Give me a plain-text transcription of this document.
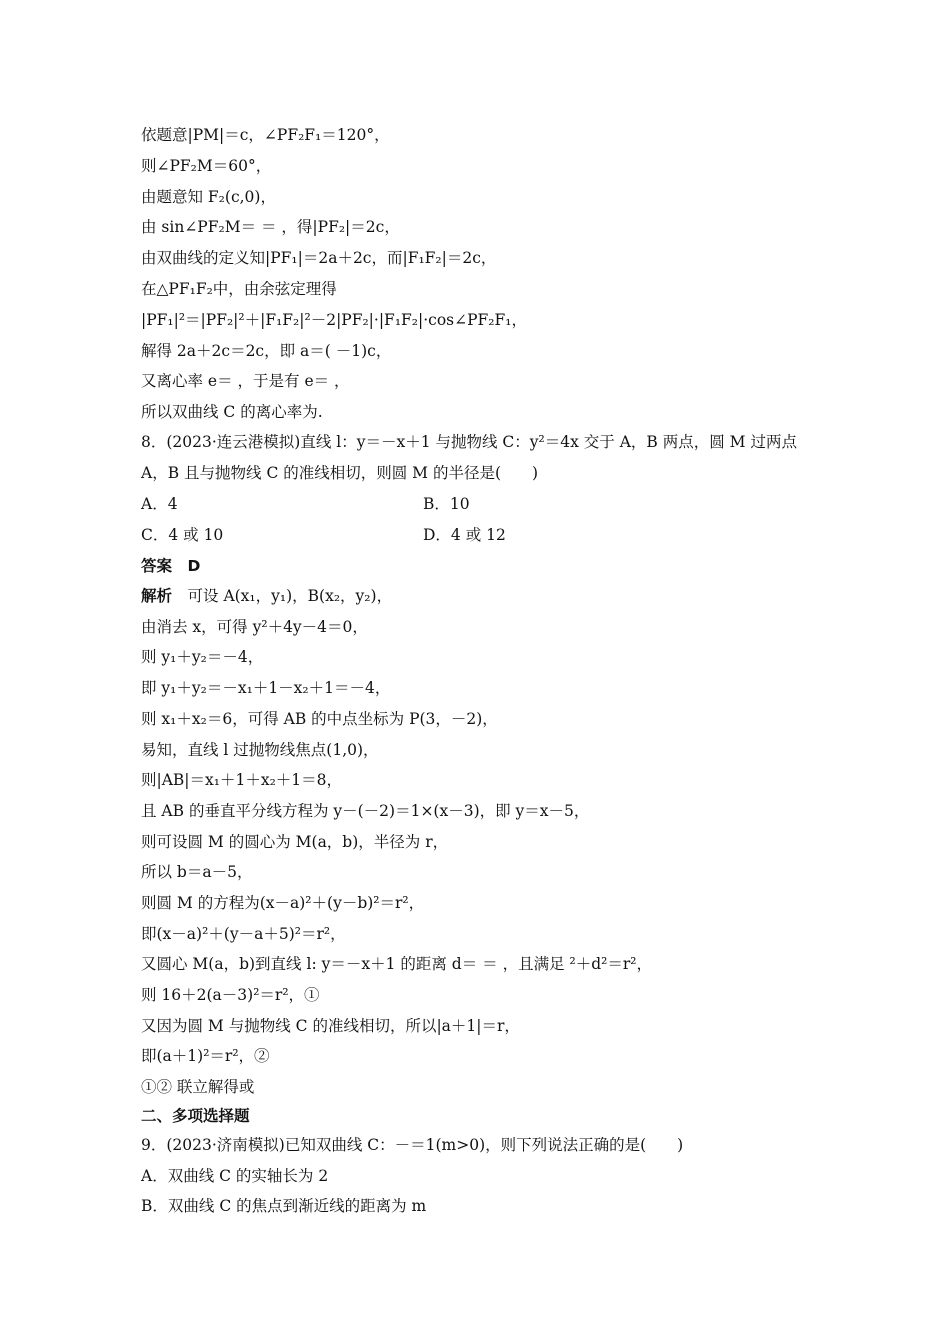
依题意|PM|＝c，∠PF₂F₁＝120°，
则∠PF₂M＝60°，
由题意知 F₂(c,0)，
由 sin∠PF₂M＝ ＝ ，得|PF₂|＝2c，
由双曲线的定义知|PF₁|＝2a＋2c，而|F₁F₂|＝2c，
在△PF₁F₂中，由余弦定理得
|PF₁|²＝|PF₂|²＋|F₁F₂|²－2|PF₂|·|F₁F₂|·cos∠PF₂F₁，
解得 2a＋2c＝2c，即 a＝( －1)c，
又离心率 e＝ ，于是有 e＝ ，
所以双曲线 C 的离心率为.
8．(2023·连云港模拟)直线 l：y＝－x＋1 与抛物线 C：y²＝4x 交于 A，B 两点，圆 M 过两点
A，B 且与抛物线 C 的准线相切，则圆 M 的半径是(　　)
A．4	B．10
C．4 或 10	D．4 或 12
答案　D
解析　可设 A(x₁，y₁)，B(x₂，y₂)，
由消去 x，可得 y²＋4y－4＝0，
则 y₁＋y₂＝－4，
即 y₁＋y₂＝－x₁＋1－x₂＋1＝－4，
则 x₁＋x₂＝6，可得 AB 的中点坐标为 P(3，－2)，
易知，直线 l 过抛物线焦点(1,0)，
则|AB|＝x₁＋1＋x₂＋1＝8，
且 AB 的垂直平分线方程为 y－(－2)＝1×(x－3)，即 y＝x－5，
则可设圆 M 的圆心为 M(a，b)，半径为 r，
所以 b＝a－5，
则圆 M 的方程为(x－a)²＋(y－b)²＝r²，
即(x－a)²＋(y－a＋5)²＝r²，
又圆心 M(a，b)到直线 l: y＝－x＋1 的距离 d＝ ＝ ，且满足 ²＋d²＝r²，
则 16＋2(a－3)²＝r²，①
又因为圆 M 与抛物线 C 的准线相切，所以|a＋1|＝r，
即(a＋1)²＝r²，②
①② 联立解得或
二、多项选择题
9．(2023·济南模拟)已知双曲线 C：－＝1(m>0)，则下列说法正确的是(　　)
A．双曲线 C 的实轴长为 2
B．双曲线 C 的焦点到渐近线的距离为 m
